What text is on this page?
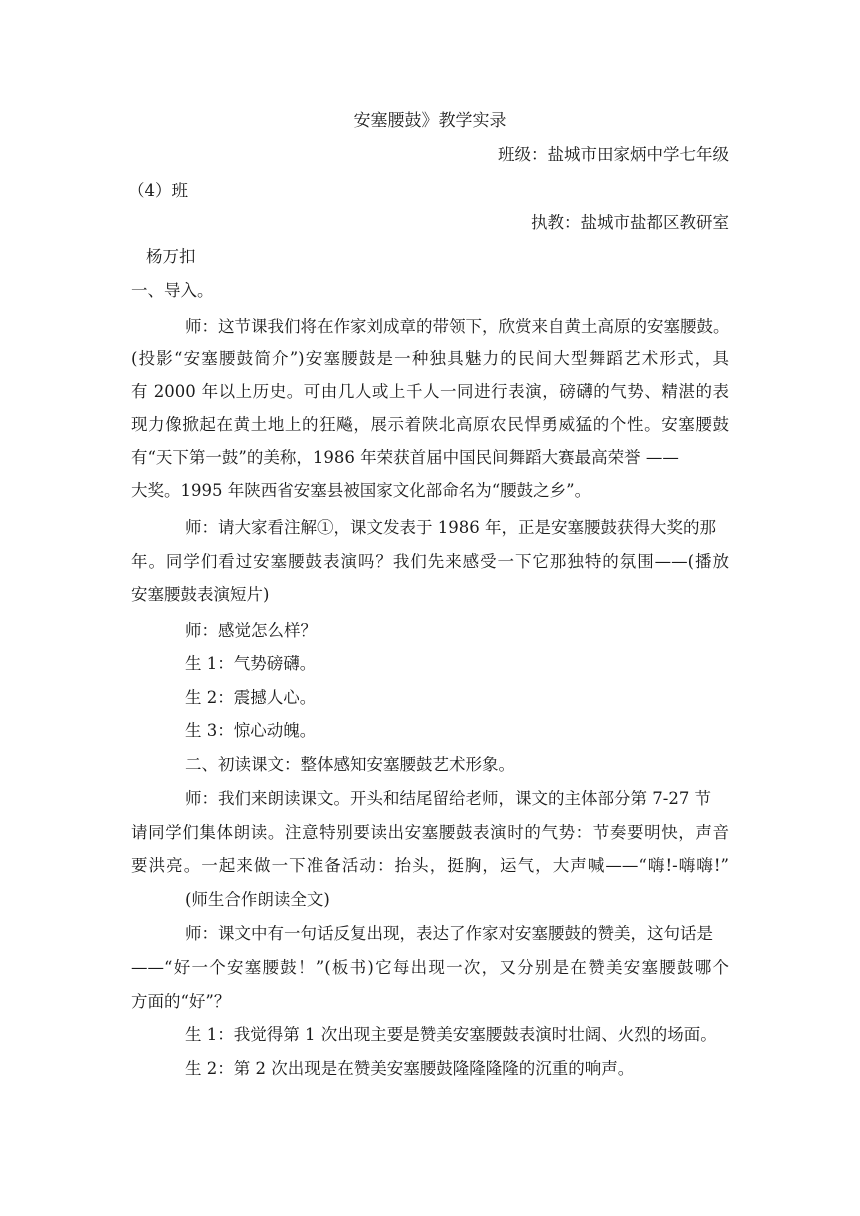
安塞腰鼓》教学实录
班级：盐城市田家炳中学七年级
（4）班
执教：盐城市盐都区教研室
杨万扣
一、导入。
师：这节课我们将在作家刘成章的带领下，欣赏来自黄土高原的安塞腰鼓。
(投影“安塞腰鼓简介”)安塞腰鼓是一种独具魅力的民间大型舞蹈艺术形式，具
有 2000 年以上历史。可由几人或上千人一同进行表演，磅礴的气势、精湛的表
现力像掀起在黄土地上的狂飚，展示着陕北高原农民悍勇威猛的个性。安塞腰鼓
有“天下第一鼓”的美称，1986 年荣获首届中国民间舞蹈大赛最高荣誉 ——
大奖。1995 年陕西省安塞县被国家文化部命名为“腰鼓之乡”。
师：请大家看注解①，课文发表于 1986 年，正是安塞腰鼓获得大奖的那
年。同学们看过安塞腰鼓表演吗？我们先来感受一下它那独特的氛围——(播放
安塞腰鼓表演短片)
师：感觉怎么样？
生 1：气势磅礴。
生 2：震撼人心。
生 3：惊心动魄。
二、初读课文：整体感知安塞腰鼓艺术形象。
师：我们来朗读课文。开头和结尾留给老师，课文的主体部分第 7-27 节
请同学们集体朗读。注意特别要读出安塞腰鼓表演时的气势：节奏要明快，声音
要洪亮。一起来做一下准备活动：抬头，挺胸，运气，大声喊——“嗨!-嗨嗨!”
(师生合作朗读全文)
师：课文中有一句话反复出现，表达了作家对安塞腰鼓的赞美，这句话是
——“好一个安塞腰鼓！”(板书)它每出现一次，又分别是在赞美安塞腰鼓哪个
方面的“好”？
生 1：我觉得第 1 次出现主要是赞美安塞腰鼓表演时壮阔、火烈的场面。
生 2：第 2 次出现是在赞美安塞腰鼓隆隆隆隆的沉重的响声。
